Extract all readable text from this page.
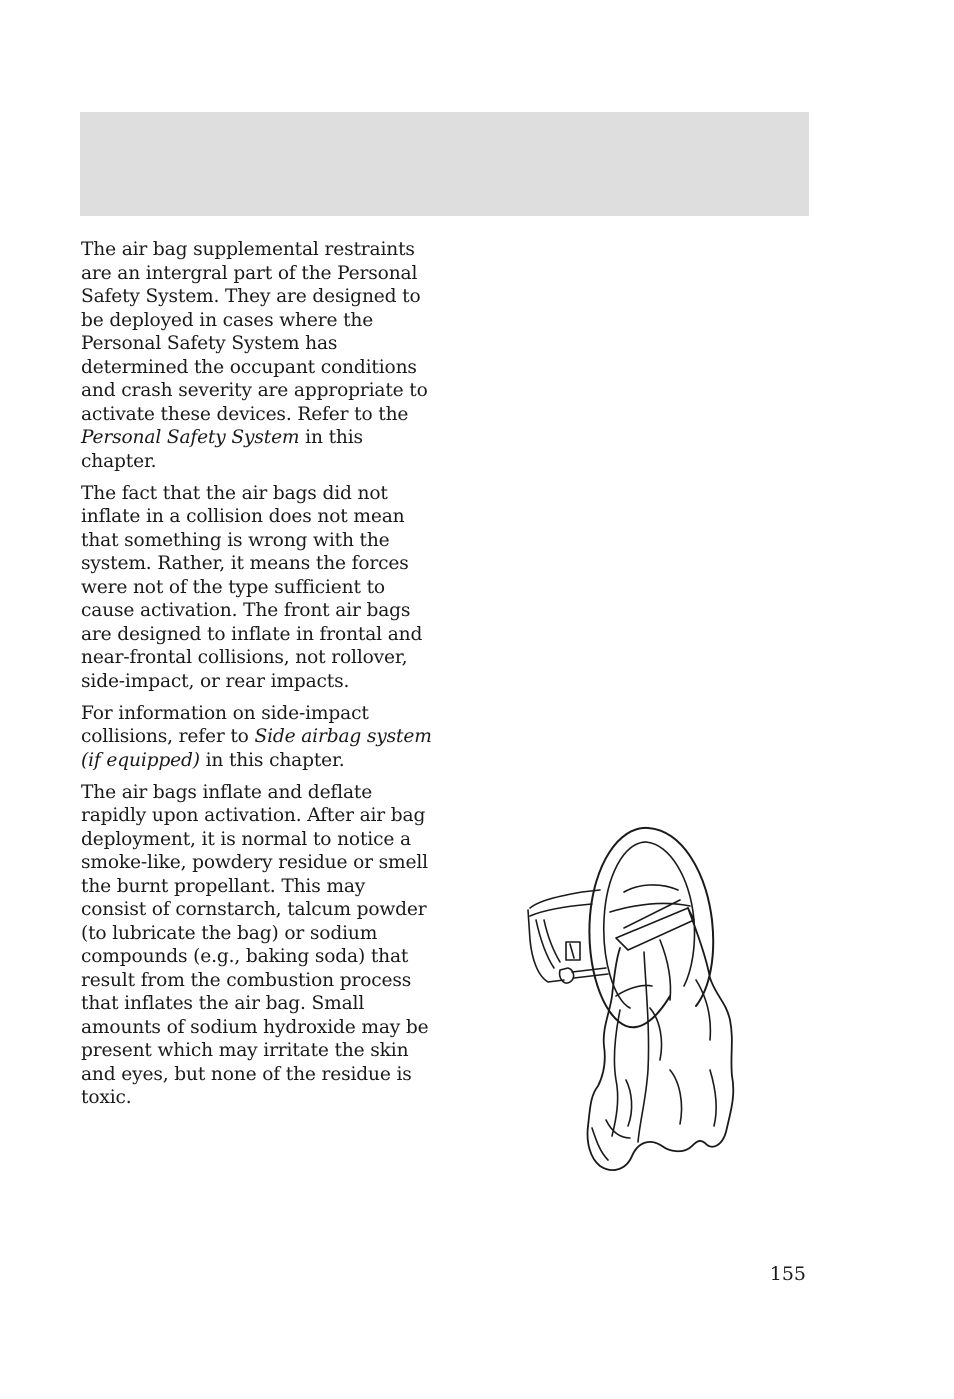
The air bag supplemental restraints are an intergral part of the Personal Safety System. They are designed to be deployed in cases where the Personal Safety System has determined the occupant conditions and crash severity are appropriate to activate these devices. Refer to the Personal Safety System in this chapter.

The fact that the air bags did not inflate in a collision does not mean that something is wrong with the system. Rather, it means the forces were not of the type sufficient to cause activation. The front air bags are designed to inflate in frontal and near-frontal collisions, not rollover, side-impact, or rear impacts.

For information on side-impact collisions, refer to Side airbag system (if equipped) in this chapter.

The air bags inflate and deflate rapidly upon activation. After air bag deployment, it is normal to notice a smoke-like, powdery residue or smell the burnt propellant. This may consist of cornstarch, talcum powder (to lubricate the bag) or sodium compounds (e.g., baking soda) that result from the combustion process that inflates the air bag. Small amounts of sodium hydroxide may be present which may irritate the skin and eyes, but none of the residue is toxic.

155
